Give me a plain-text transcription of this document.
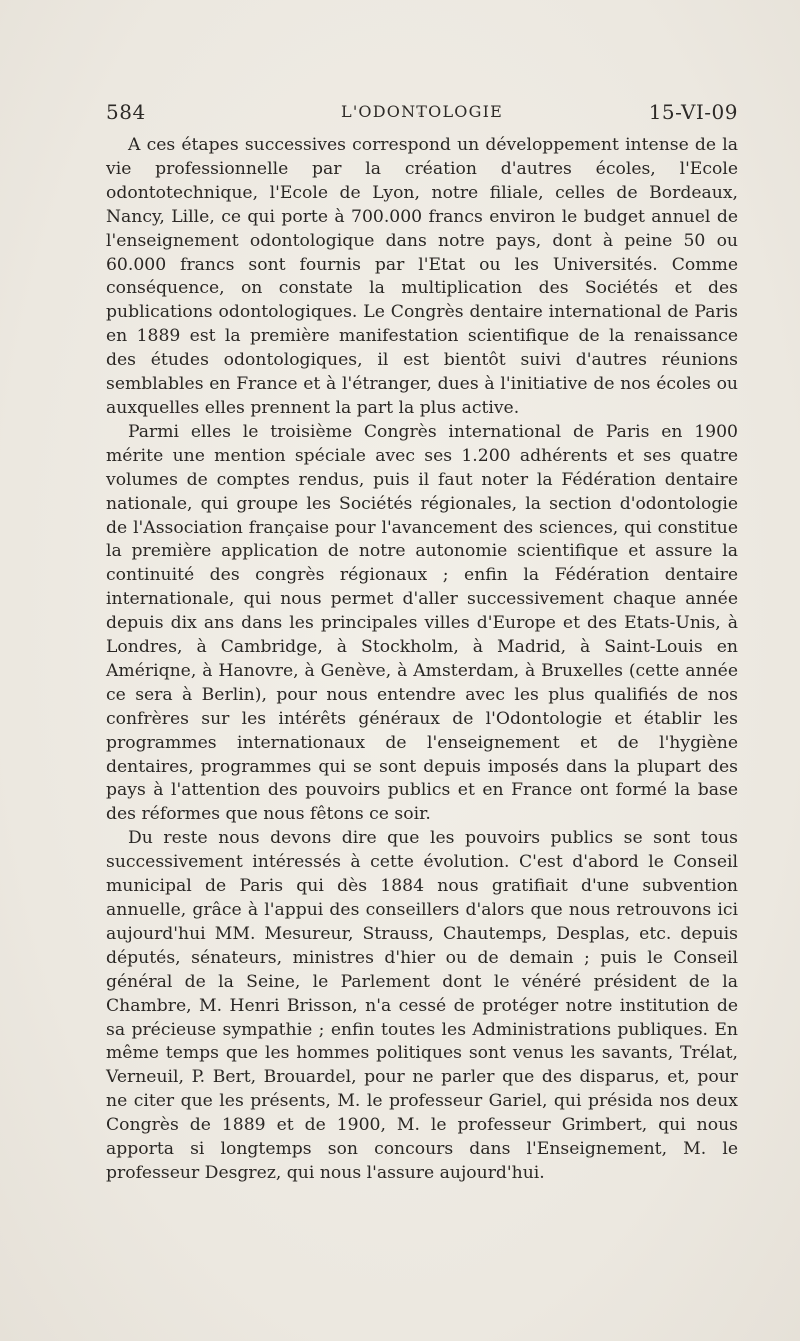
584	L'ODONTOLOGIE	15-VI-09

A ces étapes successives correspond un développement intense de la vie professionnelle par la création d'autres écoles, l'Ecole odontotechnique, l'Ecole de Lyon, notre filiale, celles de Bordeaux, Nancy, Lille, ce qui porte à 700.000 francs environ le budget annuel de l'enseignement odontologique dans notre pays, dont à peine 50 ou 60.000 francs sont fournis par l'Etat ou les Universités. Comme conséquence, on constate la multiplication des Sociétés et des publications odontologiques. Le Congrès dentaire international de Paris en 1889 est la première manifestation scientifique de la renaissance des études odontologiques, il est bientôt suivi d'autres réunions semblables en France et à l'étranger, dues à l'initiative de nos écoles ou auxquelles elles prennent la part la plus active.

Parmi elles le troisième Congrès international de Paris en 1900 mérite une mention spéciale avec ses 1.200 adhérents et ses quatre volumes de comptes rendus, puis il faut noter la Fédération dentaire nationale, qui groupe les Sociétés régionales, la section d'odontologie de l'Association française pour l'avancement des sciences, qui constitue la première application de notre autonomie scientifique et assure la continuité des congrès régionaux ; enfin la Fédération dentaire internationale, qui nous permet d'aller successivement chaque année depuis dix ans dans les principales villes d'Europe et des Etats-Unis, à Londres, à Cambridge, à Stockholm, à Madrid, à Saint-Louis en Amériqne, à Hanovre, à Genève, à Amsterdam, à Bruxelles (cette année ce sera à Berlin), pour nous entendre avec les plus qualifiés de nos confrères sur les intérêts généraux de l'Odontologie et établir les programmes internationaux de l'enseignement et de l'hygiène dentaires, programmes qui se sont depuis imposés dans la plupart des pays à l'attention des pouvoirs publics et en France ont formé la base des réformes que nous fêtons ce soir.

Du reste nous devons dire que les pouvoirs publics se sont tous successivement intéressés à cette évolution. C'est d'abord le Conseil municipal de Paris qui dès 1884 nous gratifiait d'une subvention annuelle, grâce à l'appui des conseillers d'alors que nous retrouvons ici aujourd'hui MM. Mesureur, Strauss, Chautemps, Desplas, etc. depuis députés, sénateurs, ministres d'hier ou de demain ; puis le Conseil général de la Seine, le Parlement dont le vénéré président de la Chambre, M. Henri Brisson, n'a cessé de protéger notre institution de sa précieuse sympathie ; enfin toutes les Administrations publiques. En même temps que les hommes politiques sont venus les savants, Trélat, Verneuil, P. Bert, Brouardel, pour ne parler que des disparus, et, pour ne citer que les présents, M. le professeur Gariel, qui présida nos deux Congrès de 1889 et de 1900, M. le professeur Grimbert, qui nous apporta si longtemps son concours dans l'Enseignement, M. le professeur Desgrez, qui nous l'assure aujourd'hui.
